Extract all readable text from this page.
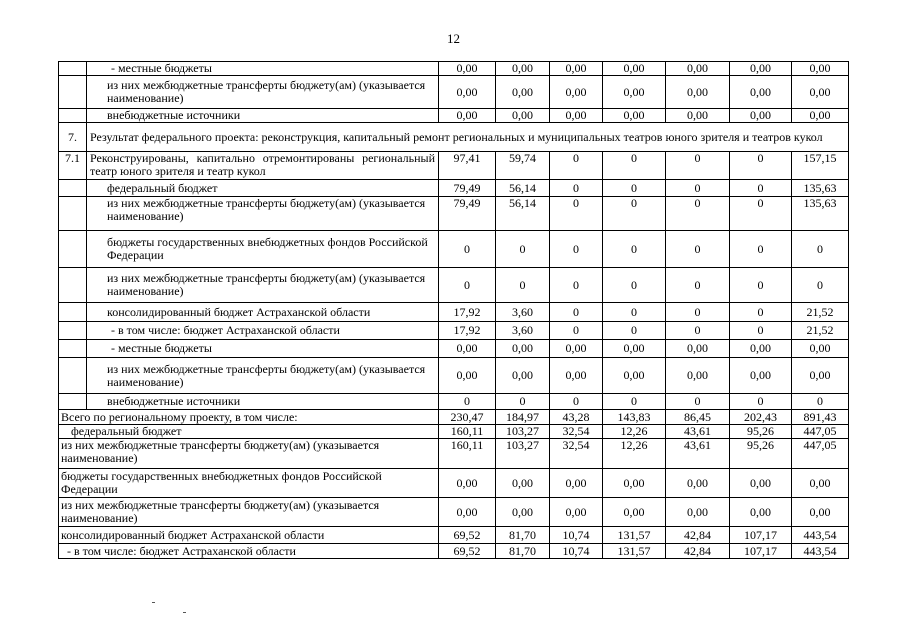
12
	- местные бюджеты	0,00	0,00	0,00	0,00	0,00	0,00	0,00
	из них межбюджетные трансферты бюджету(ам) (указывается наименование)	0,00	0,00	0,00	0,00	0,00	0,00	0,00
	внебюджетные источники	0,00	0,00	0,00	0,00	0,00	0,00	0,00
7.	Результат федерального проекта: реконструкция, капитальный ремонт региональных и муниципальных театров юного зрителя и театров кукол							
7.1	Реконструированы, капитально отремонтированы региональный театр юного зрителя и театр кукол	97,41	59,74	0	0	0	0	157,15
	федеральный бюджет	79,49	56,14	0	0	0	0	135,63
	из них межбюджетные трансферты бюджету(ам) (указывается наименование)	79,49	56,14	0	0	0	0	135,63
	бюджеты государственных внебюджетных фондов Российской Федерации	0	0	0	0	0	0	0
	из них межбюджетные трансферты бюджету(ам) (указывается наименование)	0	0	0	0	0	0	0
	консолидированный бюджет Астраханской области	17,92	3,60	0	0	0	0	21,52
	- в том числе: бюджет Астраханской области	17,92	3,60	0	0	0	0	21,52
	- местные бюджеты	0,00	0,00	0,00	0,00	0,00	0,00	0,00
	из них межбюджетные трансферты бюджету(ам) (указывается наименование)	0,00	0,00	0,00	0,00	0,00	0,00	0,00
	внебюджетные источники	0	0	0	0	0	0	0
Всего по региональному проекту, в том числе:		230,47	184,97	43,28	143,83	86,45	202,43	891,43
федеральный бюджет		160,11	103,27	32,54	12,26	43,61	95,26	447,05
из них межбюджетные трансферты бюджету(ам) (указывается наименование)		160,11	103,27	32,54	12,26	43,61	95,26	447,05
бюджеты государственных внебюджетных фондов Российской Федерации		0,00	0,00	0,00	0,00	0,00	0,00	0,00
из них межбюджетные трансферты бюджету(ам) (указывается наименование)		0,00	0,00	0,00	0,00	0,00	0,00	0,00
консолидированный бюджет Астраханской области		69,52	81,70	10,74	131,57	42,84	107,17	443,54
- в том числе: бюджет Астраханской области		69,52	81,70	10,74	131,57	42,84	107,17	443,54
